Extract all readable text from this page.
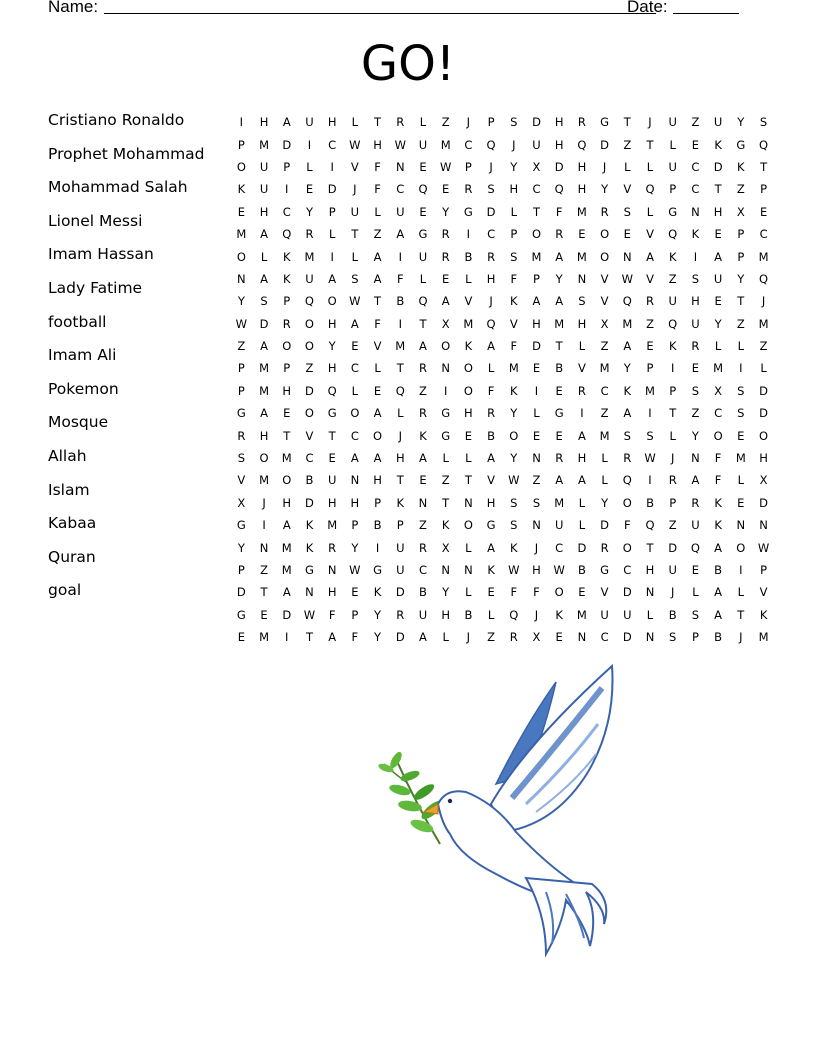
Name:	Date:
GO!
Cristiano Ronaldo
Prophet Mohammad
Mohammad Salah
Lionel Messi
Imam Hassan
Lady Fatime
football
Imam Ali
Pokemon
Mosque
Allah
Islam
Kabaa
Quran
goal
I	H	A	U	H	L	T	R	L	Z	J	P	S	D	H	R	G	T	J	U	Z	U	Y	S
P	M	D	I	C	W	H	W	U	M	C	Q	J	U	H	Q	D	Z	T	L	E	K	G	Q
O	U	P	L	I	V	F	N	E	W	P	J	Y	X	D	H	J	L	L	U	C	D	K	T
K	U	I	E	D	J	F	C	Q	E	R	S	H	C	Q	H	Y	V	Q	P	C	T	Z	P
E	H	C	Y	P	U	L	U	E	Y	G	D	L	T	F	M	R	S	L	G	N	H	X	E
M	A	Q	R	L	T	Z	A	G	R	I	C	P	O	R	E	O	E	V	Q	K	E	P	C
O	L	K	M	I	L	A	I	U	R	B	R	S	M	A	M	O	N	A	K	I	A	P	M
N	A	K	U	A	S	A	F	L	E	L	H	F	P	Y	N	V	W	V	Z	S	U	Y	Q
Y	S	P	Q	O	W	T	B	Q	A	V	J	K	A	A	S	V	Q	R	U	H	E	T	J
W	D	R	O	H	A	F	I	T	X	M	Q	V	H	M	H	X	M	Z	Q	U	Y	Z	M
Z	A	O	O	Y	E	V	M	A	O	K	A	F	D	T	L	Z	A	E	K	R	L	L	Z
P	M	P	Z	H	C	L	T	R	N	O	L	M	E	B	V	M	Y	P	I	E	M	I	L
P	M	H	D	Q	L	E	Q	Z	I	O	F	K	I	E	R	C	K	M	P	S	X	S	D
G	A	E	O	G	O	A	L	R	G	H	R	Y	L	G	I	Z	A	I	T	Z	C	S	D
R	H	T	V	T	C	O	J	K	G	E	B	O	E	E	A	M	S	S	L	Y	O	E	O
S	O	M	C	E	A	A	H	A	L	L	A	Y	N	R	H	L	R	W	J	N	F	M	H
V	M	O	B	U	N	H	T	E	Z	T	V	W	Z	A	A	L	Q	I	R	A	F	L	X
X	J	H	D	H	H	P	K	N	T	N	H	S	S	M	L	Y	O	B	P	R	K	E	D
G	I	A	K	M	P	B	P	Z	K	O	G	S	N	U	L	D	F	Q	Z	U	K	N	N
Y	N	M	K	R	Y	I	U	R	X	L	A	K	J	C	D	R	O	T	D	Q	A	O	W
P	Z	M	G	N	W	G	U	C	N	N	K	W	H	W	B	G	C	H	U	E	B	I	P
D	T	A	N	H	E	K	D	B	Y	L	E	F	F	O	E	V	D	N	J	L	A	L	V
G	E	D	W	F	P	Y	R	U	H	B	L	Q	J	K	M	U	U	L	B	S	A	T	K
E	M	I	T	A	F	Y	D	A	L	J	Z	R	X	E	N	C	D	N	S	P	B	J	M
